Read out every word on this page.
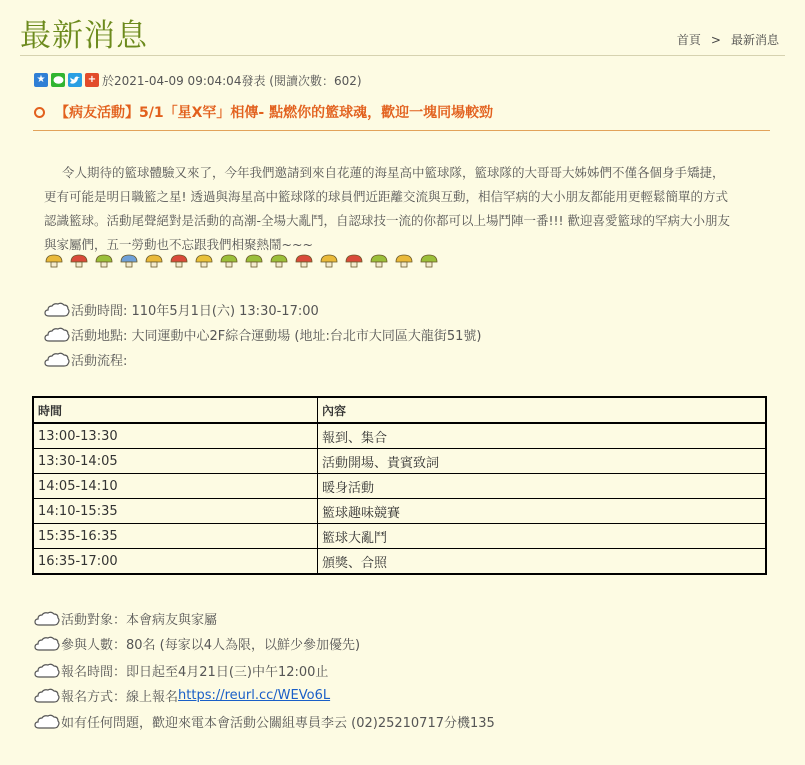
最新消息	首頁 > 最新消息
★	+ 於2021-04-09 09:04:04發表 (閱讀次數：602)
【病友活動】5/1「星X罕」相傳- 點燃你的籃球魂，歡迎一塊同場較勁

令人期待的籃球體驗又來了，今年我們邀請到來自花蓮的海星高中籃球隊，籃球隊的大哥哥大姊姊們不僅各個身手矯捷，更有可能是明日職籃之星! 透過與海星高中籃球隊的球員們近距離交流與互動，相信罕病的大小朋友都能用更輕鬆簡單的方式認識籃球。活動尾聲絕對是活動的高潮-全場大亂鬥，自認球技一流的你都可以上場鬥陣一番!!! 歡迎喜愛籃球的罕病大小朋友與家屬們，五一勞動也不忘跟我們相聚熱鬧~~~

活動時間: 110年5月1日(六) 13:30-17:00
活動地點: 大同運動中心2F綜合運動場 (地址:台北市大同區大龍街51號)
活動流程:
時間	內容
13:00-13:30	報到、集合
13:30-14:05	活動開場、貴賓致詞
14:05-14:10	暖身活動
14:10-15:35	籃球趣味競賽
15:35-16:35	籃球大亂鬥
16:35-17:00	頒獎、合照
活動對象：本會病友與家屬
參與人數：80名 (每家以4人為限，以鮮少參加優先)
報名時間：即日起至4月21日(三)中午12:00止
報名方式：線上報名 https://reurl.cc/WEVo6L
如有任何問題，歡迎來電本會活動公關組專員李云 (02)25210717分機135
